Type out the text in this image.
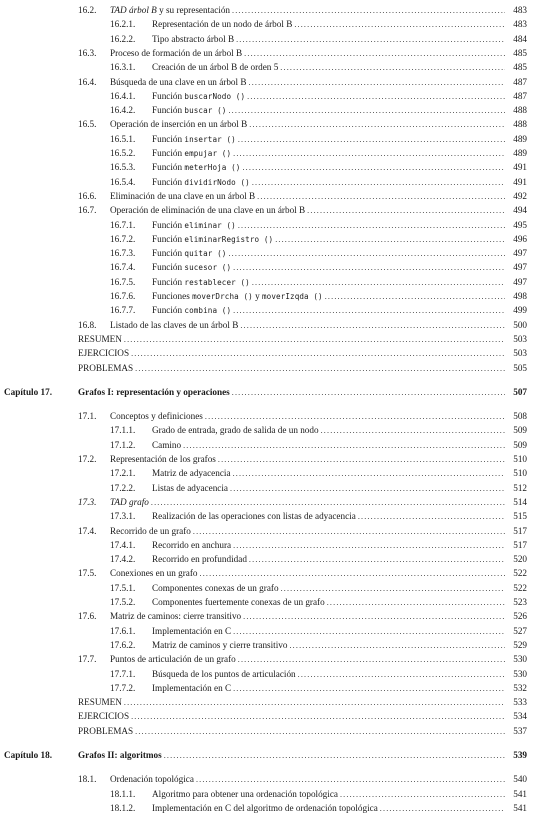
16.2. TAD árbol B y su representación .....	483
16.2.1. Representación de un nodo de árbol B .....	483
16.2.2. Tipo abstracto árbol B .....	484
16.3. Proceso de formación de un árbol B .....	485
16.3.1. Creación de un árbol B de orden 5 .....	485
16.4. Búsqueda de una clave en un árbol B .....	487
16.4.1. Función buscarNodo () .....	487
16.4.2. Función buscar () .....	488
16.5. Operación de inserción en un árbol B .....	488
16.5.1. Función insertar () .....	489
16.5.2. Función empujar () .....	489
16.5.3. Función meterHoja () .....	491
16.5.4. Función dividirNodo () .....	491
16.6. Eliminación de una clave en un árbol B .....	492
16.7. Operación de eliminación de una clave en un árbol B .....	494
16.7.1. Función eliminar () .....	495
16.7.2. Función eliminarRegistro () .....	496
16.7.3. Función quitar () .....	497
16.7.4. Función sucesor () .....	497
16.7.5. Función restablecer () .....	497
16.7.6. Funciones moverDrcha () y moverIzqda () .....	498
16.7.7. Función combina () .....	499
16.8. Listado de las claves de un árbol B .....	500
RESUMEN .....	503
EJERCICIOS .....	503
PROBLEMAS .....	505
Capítulo 17.	Grafos I: representación y operaciones .....	507
17.1. Conceptos y definiciones .....	508
17.1.1. Grado de entrada, grado de salida de un nodo .....	509
17.1.2. Camino .....	509
17.2. Representación de los grafos .....	510
17.2.1. Matriz de adyacencia .....	510
17.2.2. Listas de adyacencia .....	512
17.3. TAD grafo .....	514
17.3.1. Realización de las operaciones con listas de adyacencia .....	515
17.4. Recorrido de un grafo .....	517
17.4.1. Recorrido en anchura .....	517
17.4.2. Recorrido en profundidad .....	520
17.5. Conexiones en un grafo .....	522
17.5.1. Componentes conexas de un grafo .....	522
17.5.2. Componentes fuertemente conexas de un grafo .....	523
17.6. Matriz de caminos: cierre transitivo .....	526
17.6.1. Implementación en C .....	527
17.6.2. Matriz de caminos y cierre transitivo .....	529
17.7. Puntos de articulación de un grafo .....	530
17.7.1. Búsqueda de los puntos de articulación .....	530
17.7.2. Implementación en C .....	532
RESUMEN .....	533
EJERCICIOS .....	534
PROBLEMAS .....	537
Capítulo 18.	Grafos II: algoritmos .....	539
18.1. Ordenación topológica .....	540
18.1.1. Algoritmo para obtener una ordenación topológica .....	541
18.1.2. Implementación en C del algoritmo de ordenación topológica .....	541
